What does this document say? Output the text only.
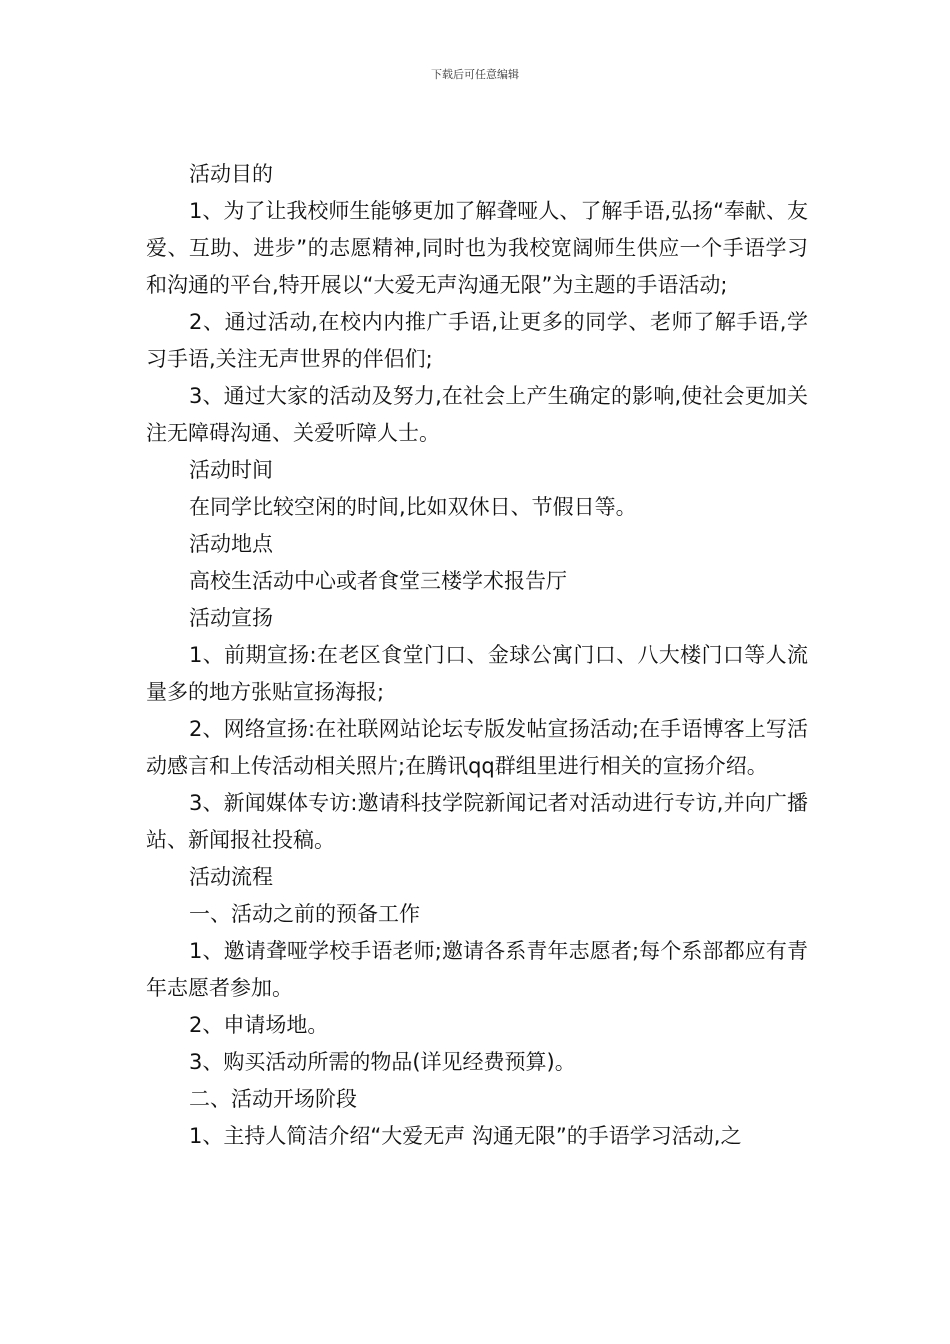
下载后可任意编辑

活动目的

1、为了让我校师生能够更加了解聋哑人、了解手语,弘扬“奉献、友爱、互助、进步”的志愿精神,同时也为我校宽阔师生供应一个手语学习和沟通的平台,特开展以“大爱无声沟通无限”为主题的手语活动;

2、通过活动,在校内内推广手语,让更多的同学、老师了解手语,学习手语,关注无声世界的伴侣们;

3、通过大家的活动及努力,在社会上产生确定的影响,使社会更加关注无障碍沟通、关爱听障人士。

活动时间

在同学比较空闲的时间,比如双休日、节假日等。

活动地点

高校生活动中心或者食堂三楼学术报告厅

活动宣扬

1、前期宣扬:在老区食堂门口、金球公寓门口、八大楼门口等人流量多的地方张贴宣扬海报;

2、网络宣扬:在社联网站论坛专版发帖宣扬活动;在手语博客上写活动感言和上传活动相关照片;在腾讯qq群组里进行相关的宣扬介绍。

3、新闻媒体专访:邀请科技学院新闻记者对活动进行专访,并向广播站、新闻报社投稿。

活动流程

一、活动之前的预备工作

1、邀请聋哑学校手语老师;邀请各系青年志愿者;每个系部都应有青年志愿者参加。

2、申请场地。

3、购买活动所需的物品(详见经费预算)。

二、活动开场阶段

1、主持人简洁介绍“大爱无声 沟通无限”的手语学习活动,之
